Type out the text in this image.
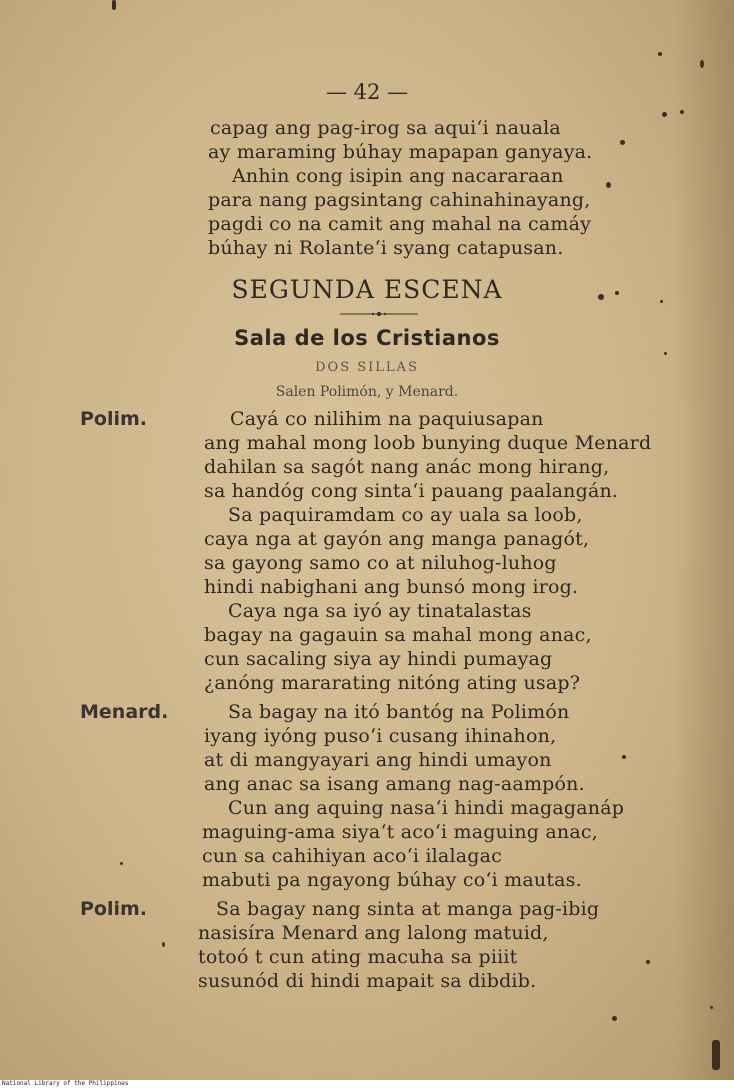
— 42 —
capag ang pag-irog sa aqui‘i nauala
ay maraming búhay mapapan ganyaya.
Anhin cong isipin ang nacararaan
para nang pagsintang cahinahinayang,
pagdi co na camit ang mahal na camáy
búhay ni Rolante‘i syang catapusan.
SEGUNDA ESCENA
Sala de los Cristianos
DOS SILLAS
Salen Polimón, y Menard.
Polim.	Cayá co nilihim na paquiusapan
ang mahal mong loob bunying duque Menard
dahilan sa sagót nang anác mong hirang,
sa handóg cong sinta‘i pauang paalangán.
Sa paquiramdam co ay uala sa loob,
caya nga at gayón ang manga panagót,
sa gayong samo co at niluhog-luhog
hindi nabighani ang bunsó mong irog.
Caya nga sa iyó ay tinatalastas
bagay na gagauin sa mahal mong anac,
cun sacaling siya ay hindi pumayag
¿anóng mararating nitóng ating usap?
Menard.	Sa bagay na itó bantóg na Polimón
iyang iyóng puso‘i cusang ihinahon,
at di mangyayari ang hindi umayon
ang anac sa isang amang nag-aampón.
Cun ang aquing nasa‘i hindi magaganáp
maguing-ama siya‘t aco‘i maguing anac,
cun sa cahihiyan aco‘i ilalagac
mabuti pa ngayong búhay co‘i mautas.
Polim.	Sa bagay nang sinta at manga pag-ibig
nasisíra Menard ang lalong matuid,
totoó t cun ating macuha sa piiit
susunód di hindi mapait sa dibdib.
National Library of the Philippines
